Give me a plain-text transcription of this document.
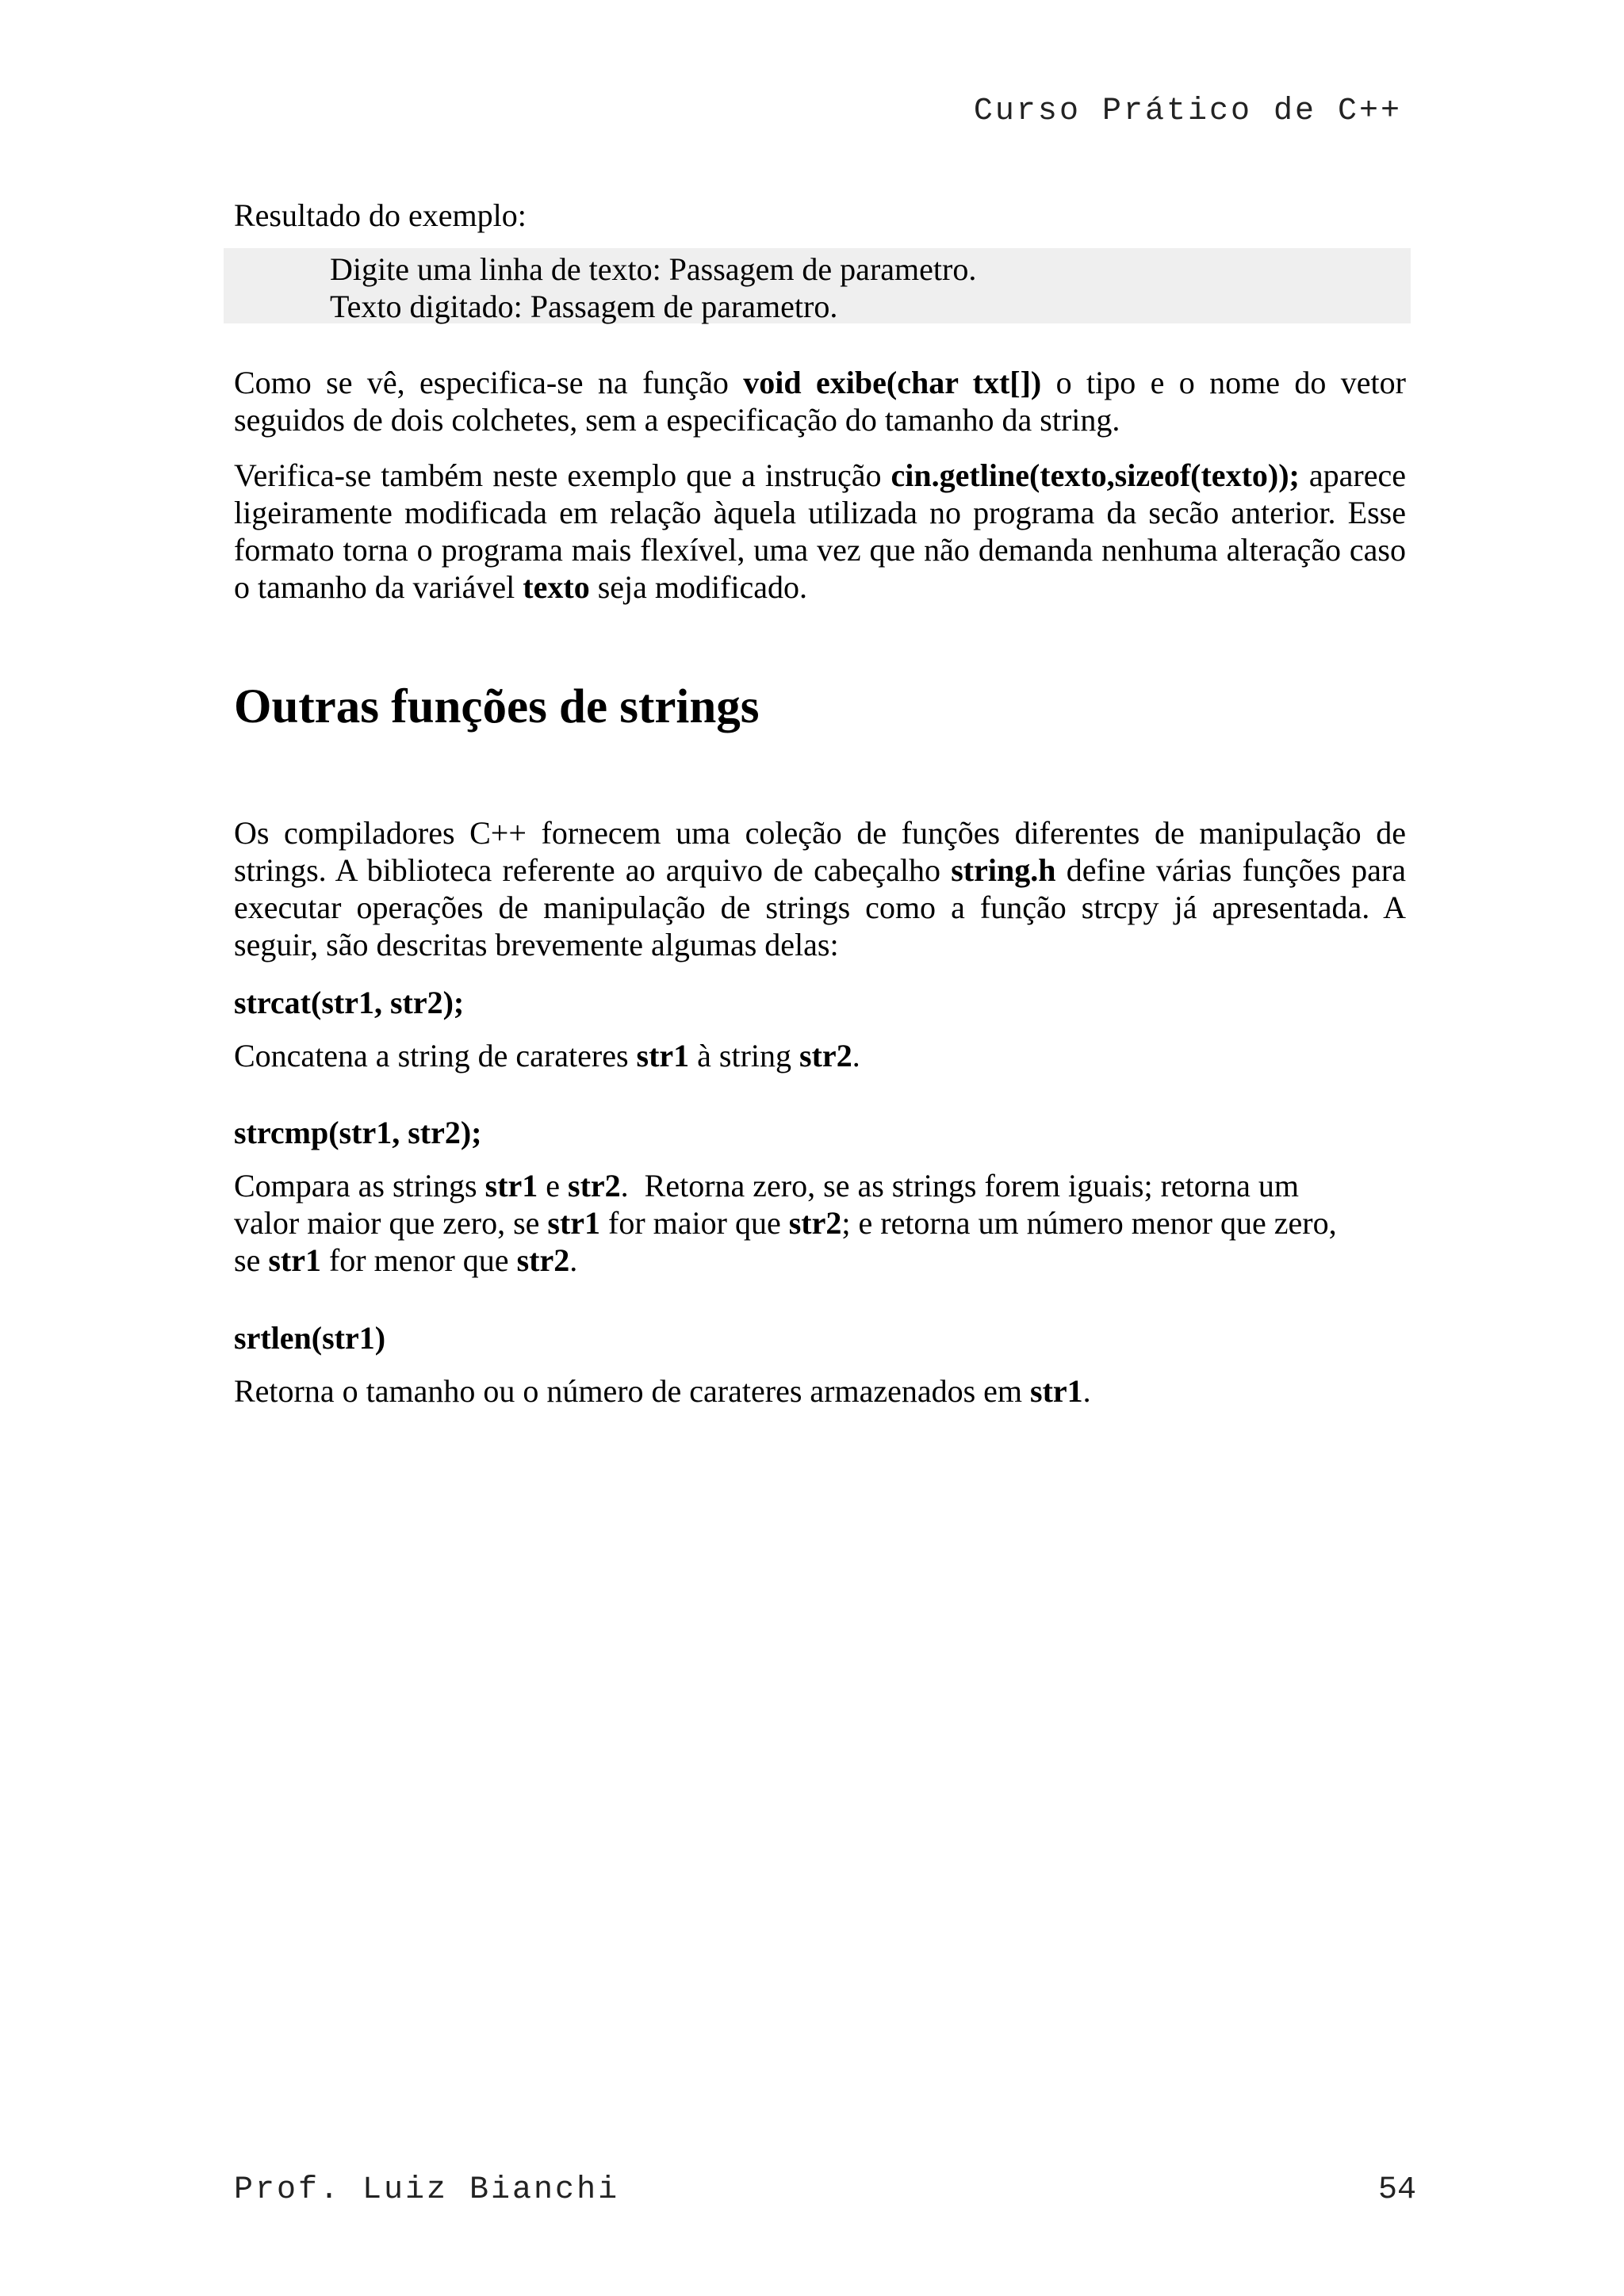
Curso Prático de C++
Resultado do exemplo:
Digite uma linha de texto: Passagem de parametro.
Texto digitado: Passagem de parametro.

Como se vê, especifica-se na função void exibe(char txt[]) o tipo e o nome do vetor seguidos de dois colchetes, sem a especificação do tamanho da string.

Verifica-se também neste exemplo que a instrução cin.getline(texto,sizeof(texto)); aparece ligeiramente modificada em relação àquela utilizada no programa da secão anterior. Esse formato torna o programa mais flexível, uma vez que não demanda nenhuma alteração caso o tamanho da variável texto seja modificado.

Outras funções de strings

Os compiladores C++ fornecem uma coleção de funções diferentes de manipulação de strings. A biblioteca referente ao arquivo de cabeçalho string.h define várias funções para executar operações de manipulação de strings como a função strcpy já apresentada. A seguir, são descritas brevemente algumas delas:

strcat(str1, str2);

Concatena a string de carateres str1 à string str2.

strcmp(str1, str2);
Compara as strings str1 e str2.  Retorna zero, se as strings forem iguais; retorna um
valor maior que zero, se str1 for maior que str2; e retorna um número menor que zero,
se str1 for menor que str2.
srtlen(str1)

Retorna o tamanho ou o número de carateres armazenados em str1.

Prof. Luiz Bianchi	54
